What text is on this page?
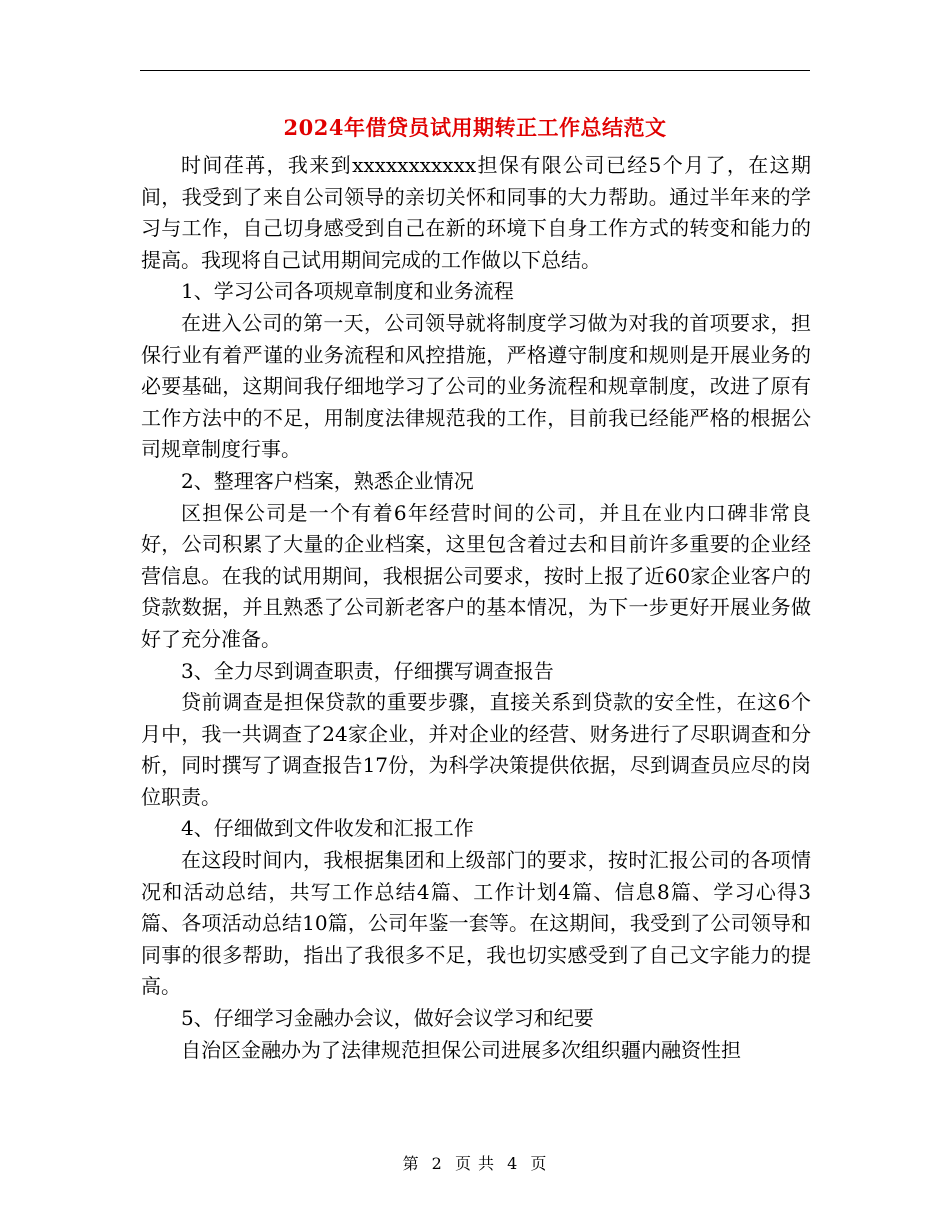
2024年借贷员试用期转正工作总结范文

时间荏苒，我来到xxxxxxxxxxx担保有限公司已经5个月了，在这期间，我受到了来自公司领导的亲切关怀和同事的大力帮助。通过半年来的学习与工作，自己切身感受到自己在新的环境下自身工作方式的转变和能力的提高。我现将自己试用期间完成的工作做以下总结。

1、学习公司各项规章制度和业务流程

在进入公司的第一天，公司领导就将制度学习做为对我的首项要求，担保行业有着严谨的业务流程和风控措施，严格遵守制度和规则是开展业务的必要基础，这期间我仔细地学习了公司的业务流程和规章制度，改进了原有工作方法中的不足，用制度法律规范我的工作，目前我已经能严格的根据公司规章制度行事。

2、整理客户档案，熟悉企业情况

区担保公司是一个有着6年经营时间的公司，并且在业内口碑非常良好，公司积累了大量的企业档案，这里包含着过去和目前许多重要的企业经营信息。在我的试用期间，我根据公司要求，按时上报了近60家企业客户的贷款数据，并且熟悉了公司新老客户的基本情况，为下一步更好开展业务做好了充分准备。

3、全力尽到调查职责，仔细撰写调查报告

贷前调查是担保贷款的重要步骤，直接关系到贷款的安全性，在这6个月中，我一共调查了24家企业，并对企业的经营、财务进行了尽职调查和分析，同时撰写了调查报告17份，为科学决策提供依据，尽到调查员应尽的岗位职责。

4、仔细做到文件收发和汇报工作

在这段时间内，我根据集团和上级部门的要求，按时汇报公司的各项情况和活动总结，共写工作总结4篇、工作计划4篇、信息8篇、学习心得3篇、各项活动总结10篇，公司年鉴一套等。在这期间，我受到了公司领导和同事的很多帮助，指出了我很多不足，我也切实感受到了自己文字能力的提高。

5、仔细学习金融办会议，做好会议学习和纪要

自治区金融办为了法律规范担保公司进展多次组织疆内融资性担

第 2 页 共 4 页
